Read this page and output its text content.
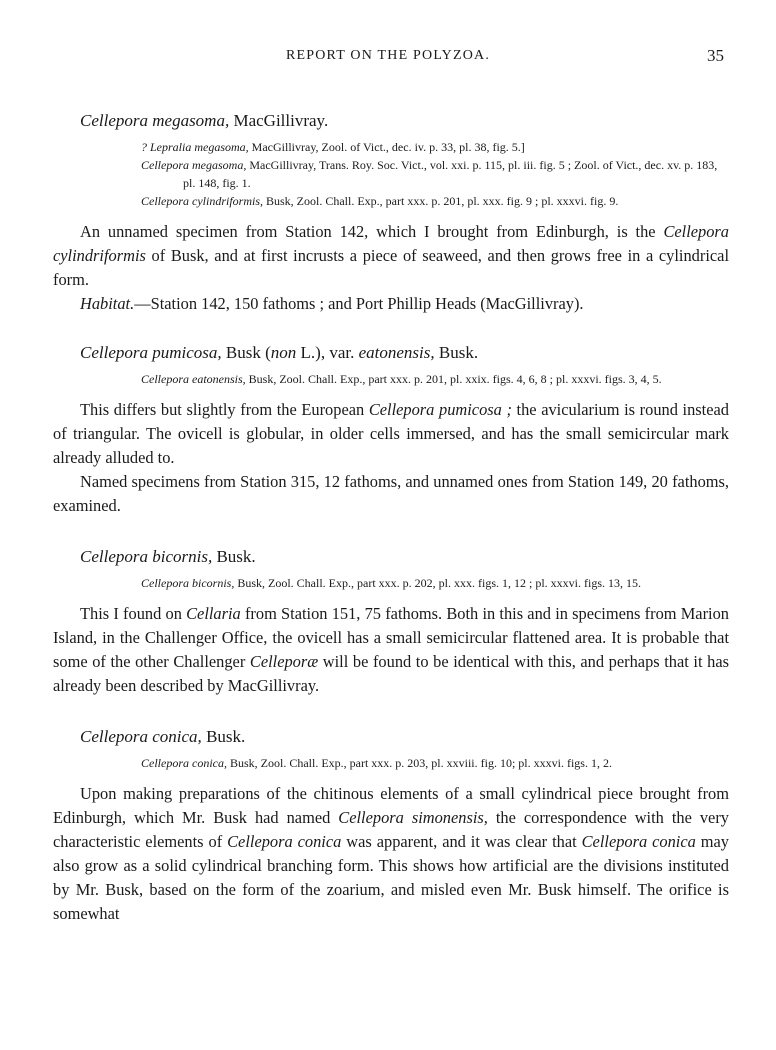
REPORT ON THE POLYZOA.	35

Cellepora megasoma, MacGillivray.

? Lepralia megasoma, MacGillivray, Zool. of Vict., dec. iv. p. 33, pl. 38, fig. 5.]

Cellepora megasoma, MacGillivray, Trans. Roy. Soc. Vict., vol. xxi. p. 115, pl. iii. fig. 5 ; Zool. of Vict., dec. xv. p. 183, pl. 148, fig. 1.

Cellepora cylindriformis, Busk, Zool. Chall. Exp., part xxx. p. 201, pl. xxx. fig. 9 ; pl. xxxvi. fig. 9.

An unnamed specimen from Station 142, which I brought from Edinburgh, is the Cellepora cylindriformis of Busk, and at first incrusts a piece of seaweed, and then grows free in a cylindrical form.

Habitat.—Station 142, 150 fathoms ; and Port Phillip Heads (MacGillivray).

Cellepora pumicosa, Busk (non L.), var. eatonensis, Busk.

Cellepora eatonensis, Busk, Zool. Chall. Exp., part xxx. p. 201, pl. xxix. figs. 4, 6, 8 ; pl. xxxvi. figs. 3, 4, 5.

This differs but slightly from the European Cellepora pumicosa ; the avicularium is round instead of triangular. The ovicell is globular, in older cells immersed, and has the small semicircular mark already alluded to.

Named specimens from Station 315, 12 fathoms, and unnamed ones from Station 149, 20 fathoms, examined.

Cellepora bicornis, Busk.

Cellepora bicornis, Busk, Zool. Chall. Exp., part xxx. p. 202, pl. xxx. figs. 1, 12 ; pl. xxxvi. figs. 13, 15.

This I found on Cellaria from Station 151, 75 fathoms. Both in this and in specimens from Marion Island, in the Challenger Office, the ovicell has a small semicircular flattened area. It is probable that some of the other Challenger Celleporæ will be found to be identical with this, and perhaps that it has already been described by MacGillivray.

Cellepora conica, Busk.

Cellepora conica, Busk, Zool. Chall. Exp., part xxx. p. 203, pl. xxviii. fig. 10; pl. xxxvi. figs. 1, 2.

Upon making preparations of the chitinous elements of a small cylindrical piece brought from Edinburgh, which Mr. Busk had named Cellepora simonensis, the correspondence with the very characteristic elements of Cellepora conica was apparent, and it was clear that Cellepora conica may also grow as a solid cylindrical branching form. This shows how artificial are the divisions instituted by Mr. Busk, based on the form of the zoarium, and misled even Mr. Busk himself. The orifice is somewhat
